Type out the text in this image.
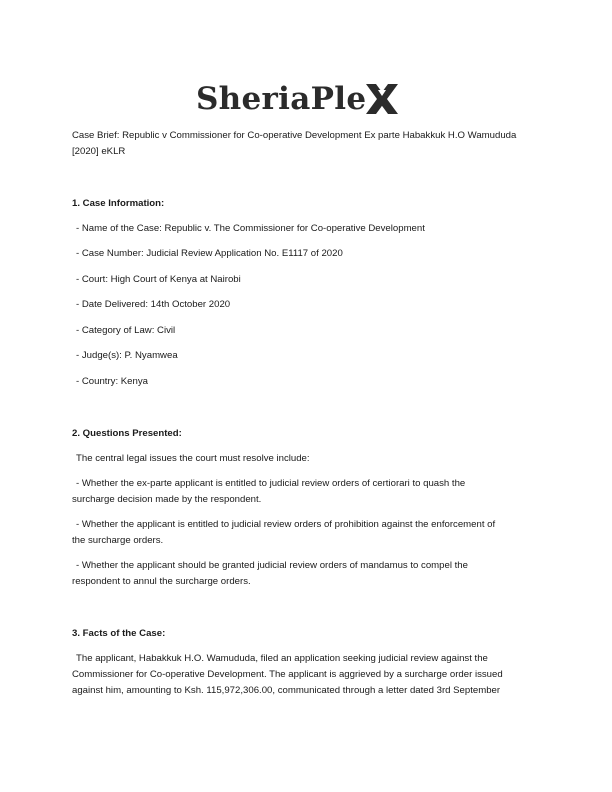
SheriaPle
Case Brief: Republic v Commissioner for Co-operative Development Ex parte Habakkuk H.O Wamududa
[2020] eKLR
1. Case Information:
- Name of the Case: Republic v. The Commissioner for Co-operative Development
- Case Number: Judicial Review Application No. E1117 of 2020
- Court: High Court of Kenya at Nairobi
- Date Delivered: 14th October 2020
- Category of Law: Civil
- Judge(s): P. Nyamwea
- Country: Kenya
2. Questions Presented:
The central legal issues the court must resolve include:
- Whether the ex-parte applicant is entitled to judicial review orders of certiorari to quash the
surcharge decision made by the respondent.
- Whether the applicant is entitled to judicial review orders of prohibition against the enforcement of
the surcharge orders.
- Whether the applicant should be granted judicial review orders of mandamus to compel the
respondent to annul the surcharge orders.
3. Facts of the Case:
The applicant, Habakkuk H.O. Wamududa, filed an application seeking judicial review against the
Commissioner for Co-operative Development. The applicant is aggrieved by a surcharge order issued
against him, amounting to Ksh. 115,972,306.00, communicated through a letter dated 3rd September
